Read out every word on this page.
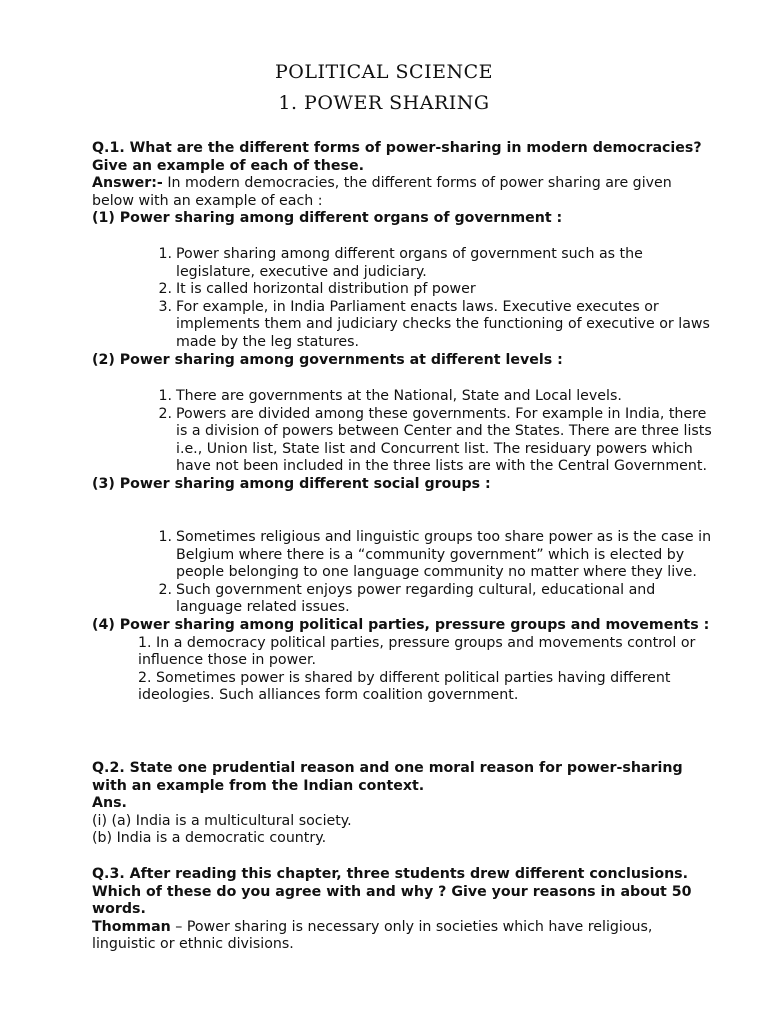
POLITICAL SCIENCE
1. POWER SHARING
Q.1. What are the different forms of power-sharing in modern democracies? Give an example of each of these.
Answer:- In modern democracies, the different forms of power sharing are given below with an example of each :
(1) Power sharing among different organs of government :
1. Power sharing among different organs of government such as the legislature, executive and judiciary.
2. It is called horizontal distribution pf power
3. For example, in India Parliament enacts laws. Executive executes or implements them and judiciary checks the functioning of executive or laws made by the leg statures.
(2) Power sharing among governments at different levels :
1. There are governments at the National, State and Local levels.
2. Powers are divided among these governments. For example in India, there is a division of powers between Center and the States. There are three lists i.e., Union list, State list and Concurrent list. The residuary powers which have not been included in the three lists are with the Central Government.
(3) Power sharing among different social groups :
1. Sometimes religious and linguistic groups too share power as is the case in Belgium where there is a “community government” which is elected by people belonging to one language community no matter where they live.
2. Such government enjoys power regarding cultural, educational and language related issues.
(4) Power sharing among political parties, pressure groups and movements :
1. In a democracy political parties, pressure groups and movements control or influence those in power.
2. Sometimes power is shared by different political parties having different ideologies. Such alliances form coalition government.
Q.2. State one prudential reason and one moral reason for power-sharing with an example from the Indian context.
Ans.
(i) (a) India is a multicultural society.
(b) India is a democratic country.
Q.3. After reading this chapter, three students drew different conclusions. Which of these do you agree with and why ? Give your reasons in about 50 words.
Thomman – Power sharing is necessary only in societies which have religious, linguistic or ethnic divisions.
